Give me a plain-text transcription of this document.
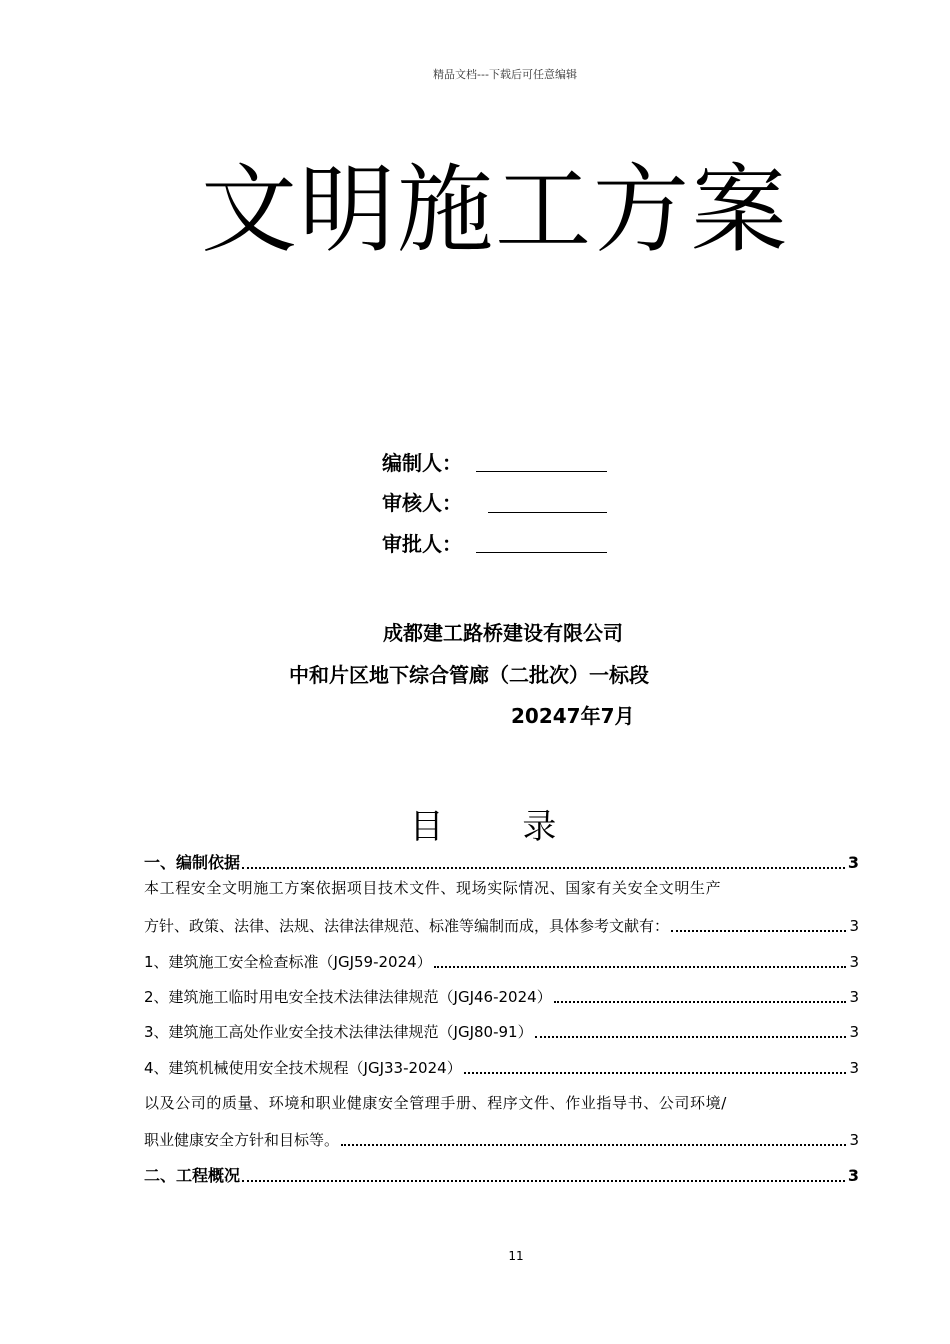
精品文档---下载后可任意编辑
文明施工方案
编制人：
审核人：
审批人：
成都建工路桥建设有限公司
中和片区地下综合管廊（二批次）一标段
20247年7月
目 录
一、编制依据	3
本工程安全文明施工方案依据项目技术文件、现场实际情况、国家有关安全文明生产
方针、政策、法律、法规、法律法律规范、标准等编制而成，具体参考文献有：	3
1、建筑施工安全检查标准（JGJ59-2024）	3
2、建筑施工临时用电安全技术法律法律规范（JGJ46-2024）	3
3、建筑施工高处作业安全技术法律法律规范（JGJ80-91）	3
4、建筑机械使用安全技术规程（JGJ33-2024）	3
以及公司的质量、环境和职业健康安全管理手册、程序文件、作业指导书、公司环境/
职业健康安全方针和目标等。	3
二、工程概况	3
11
